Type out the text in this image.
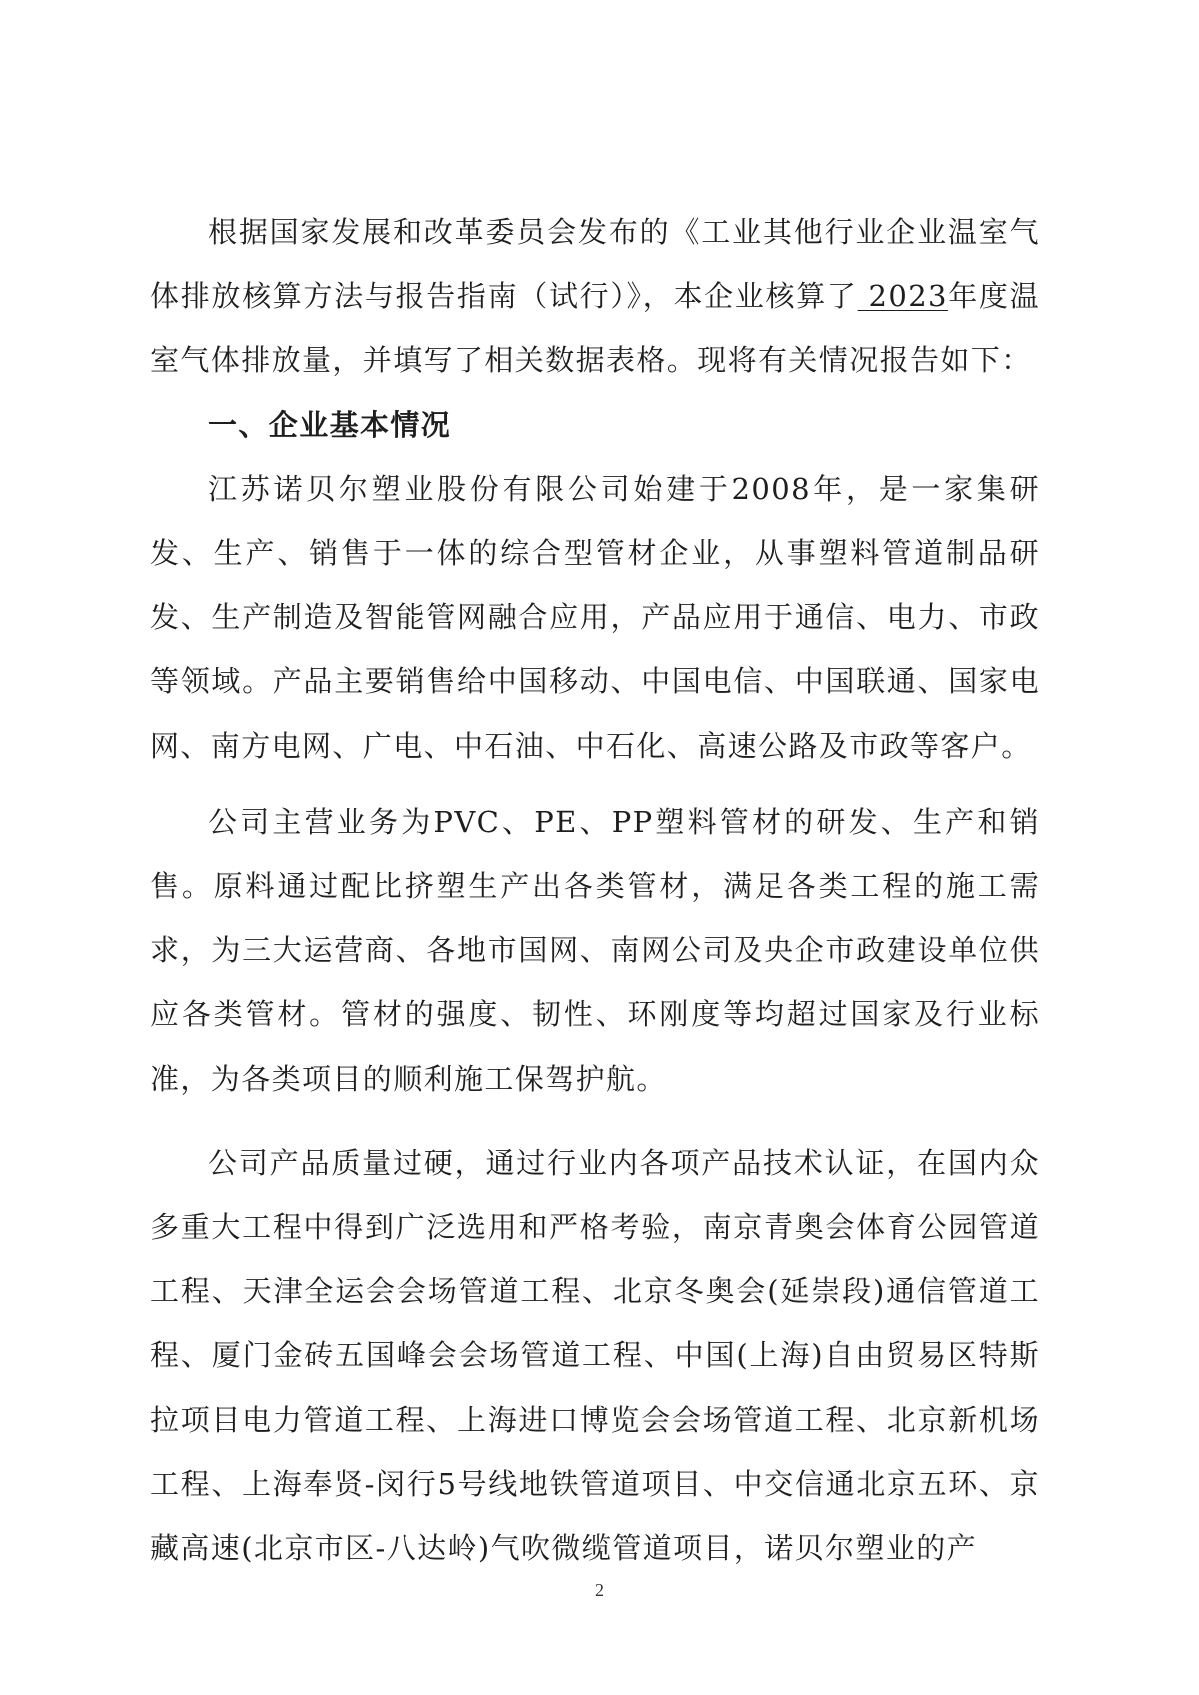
根据国家发展和改革委员会发布的《工业其他行业企业温室气体排放核算方法与报告指南（试行）》，本企业核算了 2023年度温室气体排放量，并填写了相关数据表格。现将有关情况报告如下：

一、企业基本情况

江苏诺贝尔塑业股份有限公司始建于2008年，是一家集研发、生产、销售于一体的综合型管材企业，从事塑料管道制品研发、生产制造及智能管网融合应用，产品应用于通信、电力、市政等领域。产品主要销售给中国移动、中国电信、中国联通、国家电网、南方电网、广电、中石油、中石化、高速公路及市政等客户。

公司主营业务为PVC、PE、PP塑料管材的研发、生产和销售。原料通过配比挤塑生产出各类管材，满足各类工程的施工需求，为三大运营商、各地市国网、南网公司及央企市政建设单位供应各类管材。管材的强度、韧性、环刚度等均超过国家及行业标准，为各类项目的顺利施工保驾护航。

公司产品质量过硬，通过行业内各项产品技术认证，在国内众多重大工程中得到广泛选用和严格考验，南京青奥会体育公园管道工程、天津全运会会场管道工程、北京冬奥会(延崇段)通信管道工程、厦门金砖五国峰会会场管道工程、中国(上海)自由贸易区特斯拉项目电力管道工程、上海进口博览会会场管道工程、北京新机场工程、上海奉贤-闵行5号线地铁管道项目、中交信通北京五环、京藏高速(北京市区-八达岭)气吹微缆管道项目，诺贝尔塑业的产

2
